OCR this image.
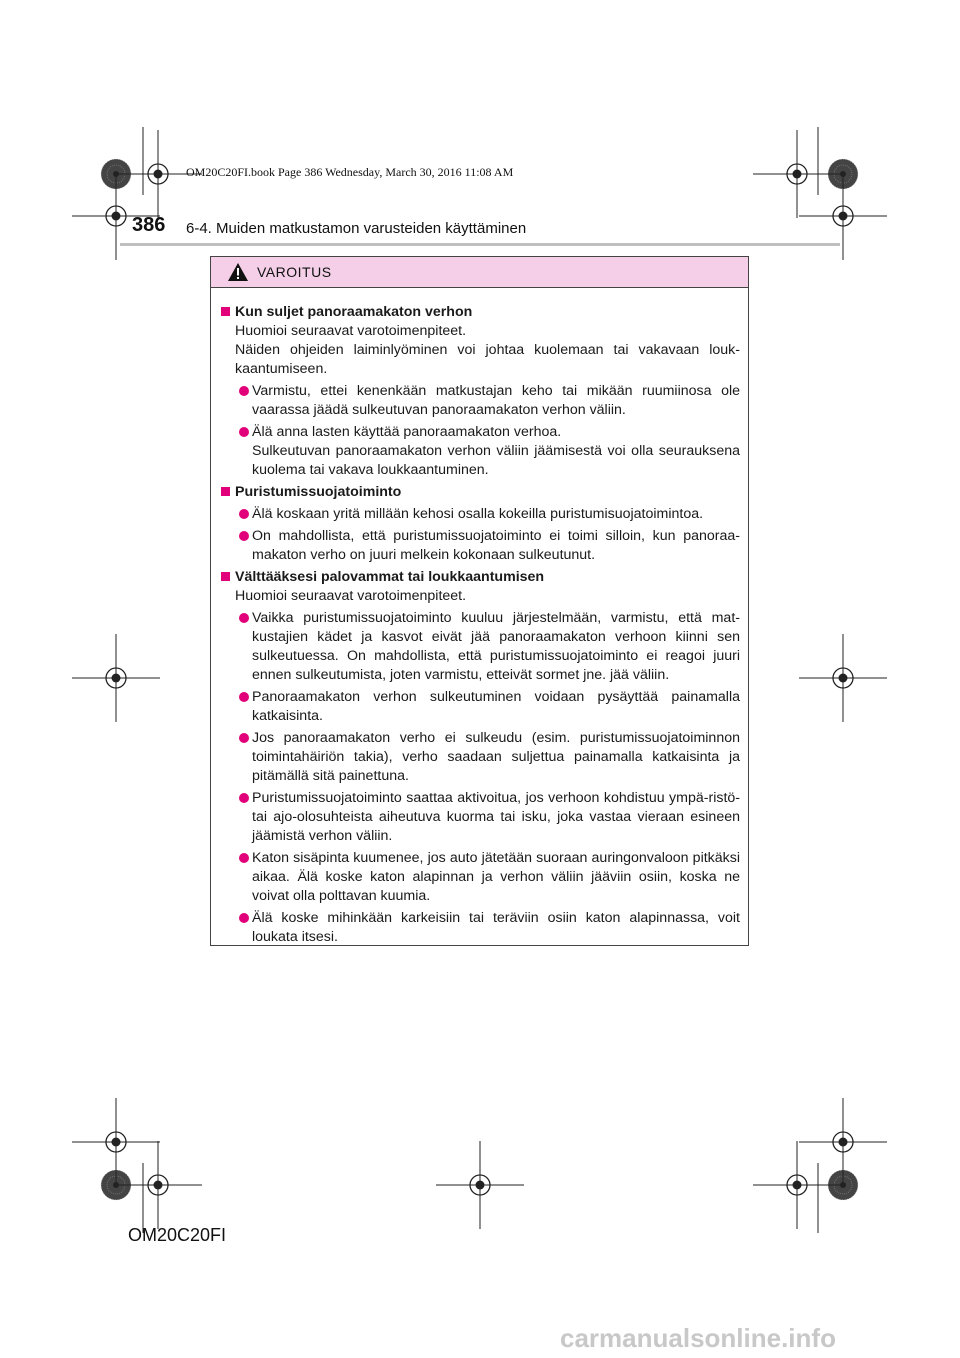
OM20C20FI.book Page 386 Wednesday, March 30, 2016 11:08 AM
386 6-4. Muiden matkustamon varusteiden käyttäminen
VAROITUS
Kun suljet panoraamakaton verhon
Huomioi seuraavat varotoimenpiteet.
Näiden ohjeiden laiminlyöminen voi johtaa kuolemaan tai vakavaan louk-kaantumiseen.
Varmistu, ettei kenenkään matkustajan keho tai mikään ruumiinosa ole vaarassa jäädä sulkeutuvan panoraamakaton verhon väliin.
Älä anna lasten käyttää panoraamakaton verhoa.
Sulkeutuvan panoraamakaton verhon väliin jäämisestä voi olla seurauksena kuolema tai vakava loukkaantuminen.
Puristumissuojatoiminto
Älä koskaan yritä millään kehosi osalla kokeilla puristumisuojatoimintoa.
On mahdollista, että puristumissuojatoiminto ei toimi silloin, kun panoraa-makaton verho on juuri melkein kokonaan sulkeutunut.
Välttääksesi palovammat tai loukkaantumisen
Huomioi seuraavat varotoimenpiteet.
Vaikka puristumissuojatoiminto kuuluu järjestelmään, varmistu, että mat-kustajien kädet ja kasvot eivät jää panoraamakaton verhoon kiinni sen sulkeutuessa. On mahdollista, että puristumissuojatoiminto ei reagoi juuri ennen sulkeutumista, joten varmistu, etteivät sormet jne. jää väliin.
Panoraamakaton verhon sulkeutuminen voidaan pysäyttää painamalla katkaisinta.
Jos panoraamakaton verho ei sulkeudu (esim. puristumissuojatoiminnon toimintahäiriön takia), verho saadaan suljettua painamalla katkaisinta ja pitämällä sitä painettuna.
Puristumissuojatoiminto saattaa aktivoitua, jos verhoon kohdistuu ympä-ristö- tai ajo-olosuhteista aiheutuva kuorma tai isku, joka vastaa vieraan esineen jäämistä verhon väliin.
Katon sisäpinta kuumenee, jos auto jätetään suoraan auringonvaloon pitkäksi aikaa. Älä koske katon alapinnan ja verhon väliin jääviin osiin, koska ne voivat olla polttavan kuumia.
Älä koske mihinkään karkeisiin tai teräviin osiin katon alapinnassa, voit loukata itsesi.
OM20C20FI
carmanualsonline.info
